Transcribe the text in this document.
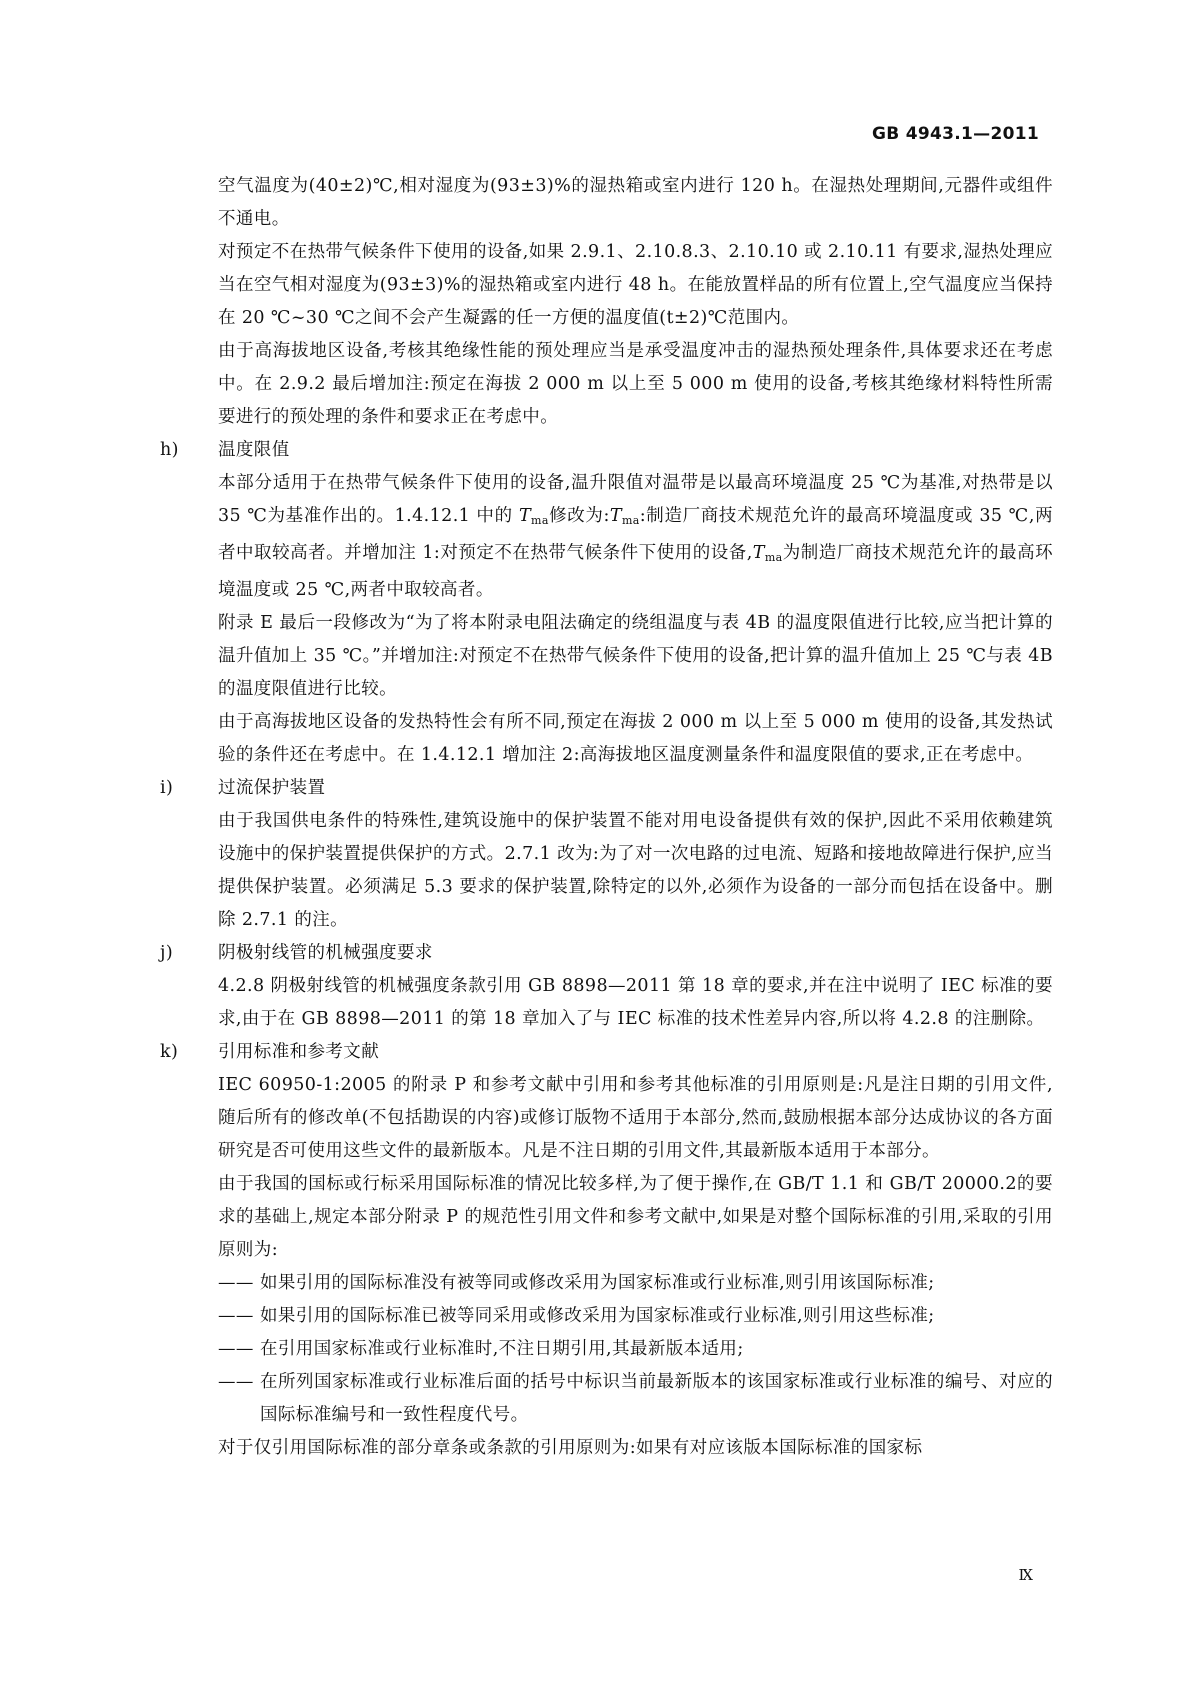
GB 4943.1—2011

空气温度为(40±2)℃,相对湿度为(93±3)%的湿热箱或室内进行 120 h。在湿热处理期间,元器件或组件不通电。

对预定不在热带气候条件下使用的设备,如果 2.9.1、2.10.8.3、2.10.10 或 2.10.11 有要求,湿热处理应当在空气相对湿度为(93±3)%的湿热箱或室内进行 48 h。在能放置样品的所有位置上,空气温度应当保持在 20 ℃~30 ℃之间不会产生凝露的任一方便的温度值(t±2)℃范围内。

由于高海拔地区设备,考核其绝缘性能的预处理应当是承受温度冲击的湿热预处理条件,具体要求还在考虑中。在 2.9.2 最后增加注:预定在海拔 2 000 m 以上至 5 000 m 使用的设备,考核其绝缘材料特性所需要进行的预处理的条件和要求正在考虑中。

h) 温度限值

本部分适用于在热带气候条件下使用的设备,温升限值对温带是以最高环境温度 25 ℃为基准,对热带是以 35 ℃为基准作出的。1.4.12.1 中的 $T_{ma}$修改为$:T_{ma}$:制造厂商技术规范允许的最高环境温度或 35 ℃,两者中取较高者。并增加注 1:对预定不在热带气候条件下使用的设备$,T_{ma}$为制造厂商技术规范允许的最高环境温度或 25 ℃,两者中取较高者。

附录 E 最后一段修改为“为了将本附录电阻法确定的绕组温度与表 4B 的温度限值进行比较,应当把计算的温升值加上 35 ℃。”并增加注:对预定不在热带气候条件下使用的设备,把计算的温升值加上 25 ℃与表 4B 的温度限值进行比较。

由于高海拔地区设备的发热特性会有所不同,预定在海拔 2 000 m 以上至 5 000 m 使用的设备,其发热试验的条件还在考虑中。在 1.4.12.1 增加注 2:高海拔地区温度测量条件和温度限值的要求,正在考虑中。

i)	过流保护装置

由于我国供电条件的特殊性,建筑设施中的保护装置不能对用电设备提供有效的保护,因此不采用依赖建筑设施中的保护装置提供保护的方式。2.7.1 改为:为了对一次电路的过电流、短路和接地故障进行保护,应当提供保护装置。必须满足 5.3 要求的保护装置,除特定的以外,必须作为设备的一部分而包括在设备中。删除 2.7.1 的注。

j)	阴极射线管的机械强度要求

4.2.8 阴极射线管的机械强度条款引用 GB 8898—2011 第 18 章的要求,并在注中说明了 IEC 标准的要求,由于在 GB 8898—2011 的第 18 章加入了与 IEC 标准的技术性差异内容,所以将 4.2.8 的注删除。

k) 引用标准和参考文献

IEC 60950-1:2005 的附录 P 和参考文献中引用和参考其他标准的引用原则是:凡是注日期的引用文件,随后所有的修改单(不包括勘误的内容)或修订版物不适用于本部分,然而,鼓励根据本部分达成协议的各方面研究是否可使用这些文件的最新版本。凡是不注日期的引用文件,其最新版本适用于本部分。

由于我国的国标或行标采用国际标准的情况比较多样,为了便于操作,在 GB/T 1.1 和 GB/T 20000.2的要求的基础上,规定本部分附录 P 的规范性引用文件和参考文献中,如果是对整个国际标准的引用,采取的引用原则为:

—— 如果引用的国际标准没有被等同或修改采用为国家标准或行业标准,则引用该国际标准;

—— 如果引用的国际标准已被等同采用或修改采用为国家标准或行业标准,则引用这些标准;

—— 在引用国家标准或行业标准时,不注日期引用,其最新版本适用;

—— 在所列国家标准或行业标准后面的括号中标识当前最新版本的该国家标准或行业标准的编号、对应的国际标准编号和一致性程度代号。

对于仅引用国际标准的部分章条或条款的引用原则为:如果有对应该版本国际标准的国家标

Ⅸ
